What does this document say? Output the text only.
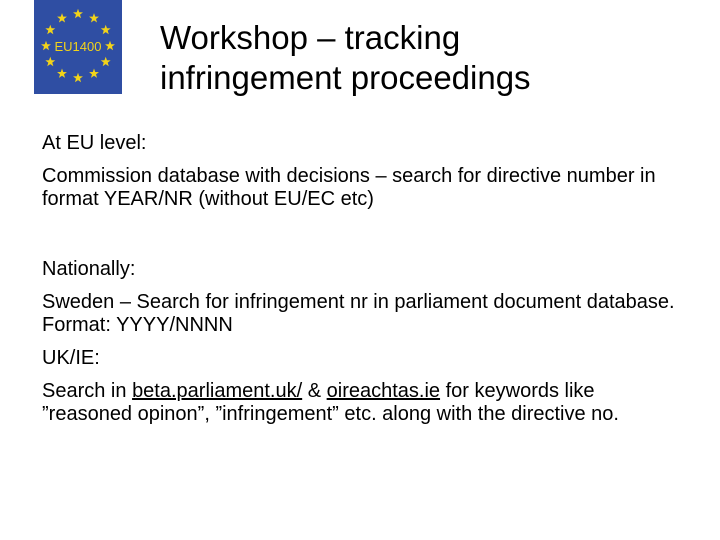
EU1400 Workshop – tracking
infringement proceedings
At EU level:
Commission database with decisions – search for directive number in format YEAR/NR (without EU/EC etc)
Nationally:
Sweden – Search for infringement nr in parliament document database. Format: YYYY/NNNN
UK/IE:
Search in beta.parliament.uk/ & oireachtas.ie for keywords like ”reasoned opinon”, ”infringement” etc. along with the directive no.
